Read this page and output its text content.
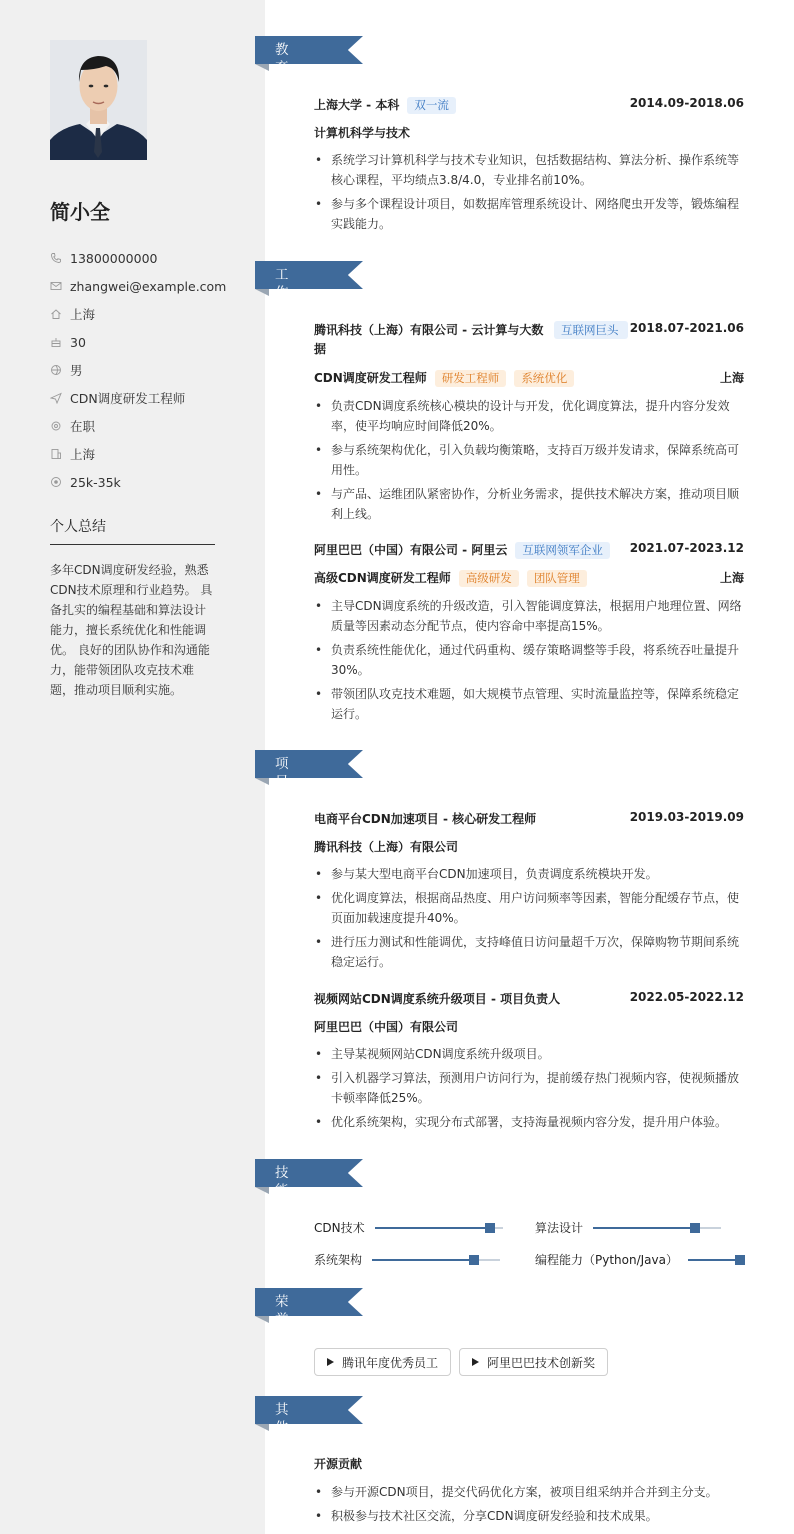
简小全
13800000000
zhangwei@example.com
上海
30
男
CDN调度研发工程师
在职
上海
25k-35k
个人总结
多年CDN调度研发经验，熟悉CDN技术原理和行业趋势。 具备扎实的编程基础和算法设计能力，擅长系统优化和性能调优。 良好的团队协作和沟通能力，能带领团队攻克技术难题，推动项目顺利实施。
教育经历 上海大学 - 本科 双一流	2014.09-2018.06
计算机科学与技术
• 系统学习计算机科学与技术专业知识，包括数据结构、算法分析、操作系统等核心课程，平均绩点3.8/4.0，专业排名前10%。
• 参与多个课程设计项目，如数据库管理系统设计、网络爬虫开发等，锻炼编程实践能力。
工作经历 腾讯科技（上海）有限公司 - 云计算与大数据
互联网巨头 2018.07-2021.06
CDN调度研发工程师 研发工程师 系统优化	上海
• 负责CDN调度系统核心模块的设计与开发，优化调度算法，提升内容分发效率，使平均响应时间降低20%。
• 参与系统架构优化，引入负载均衡策略，支持百万级并发请求，保障系统高可用性。
• 与产品、运维团队紧密协作，分析业务需求，提供技术解决方案，推动项目顺利上线。
阿里巴巴（中国）有限公司 - 阿里云 互联网领军企业	2021.07-2023.12
高级CDN调度研发工程师 高级研发 团队管理	上海
• 主导CDN调度系统的升级改造，引入智能调度算法，根据用户地理位置、网络质量等因素动态分配节点，使内容命中率提高15%。
• 负责系统性能优化，通过代码重构、缓存策略调整等手段，将系统吞吐量提升30%。
• 带领团队攻克技术难题，如大规模节点管理、实时流量监控等，保障系统稳定运行。
项目经历 电商平台CDN加速项目 - 核心研发工程师	2019.03-2019.09
腾讯科技（上海）有限公司
• 参与某大型电商平台CDN加速项目，负责调度系统模块开发。
• 优化调度算法，根据商品热度、用户访问频率等因素，智能分配缓存节点，使页面加载速度提升40%。
• 进行压力测试和性能调优，支持峰值日访问量超千万次，保障购物节期间系统稳定运行。
视频网站CDN调度系统升级项目 - 项目负责人	2022.05-2022.12
阿里巴巴（中国）有限公司
• 主导某视频网站CDN调度系统升级项目。
• 引入机器学习算法，预测用户访问行为，提前缓存热门视频内容，使视频播放卡顿率降低25%。
• 优化系统架构，实现分布式部署，支持海量视频内容分发，提升用户体验。
技能专长 CDN技术	算法设计
系统架构	编程能力（Python/Java）
荣誉奖项	腾讯年度优秀员工	阿里巴巴技术创新奖
其他信息 开源贡献
• 参与开源CDN项目，提交代码优化方案，被项目组采纳并合并到主分支。
• 积极参与技术社区交流，分享CDN调度研发经验和技术成果。
